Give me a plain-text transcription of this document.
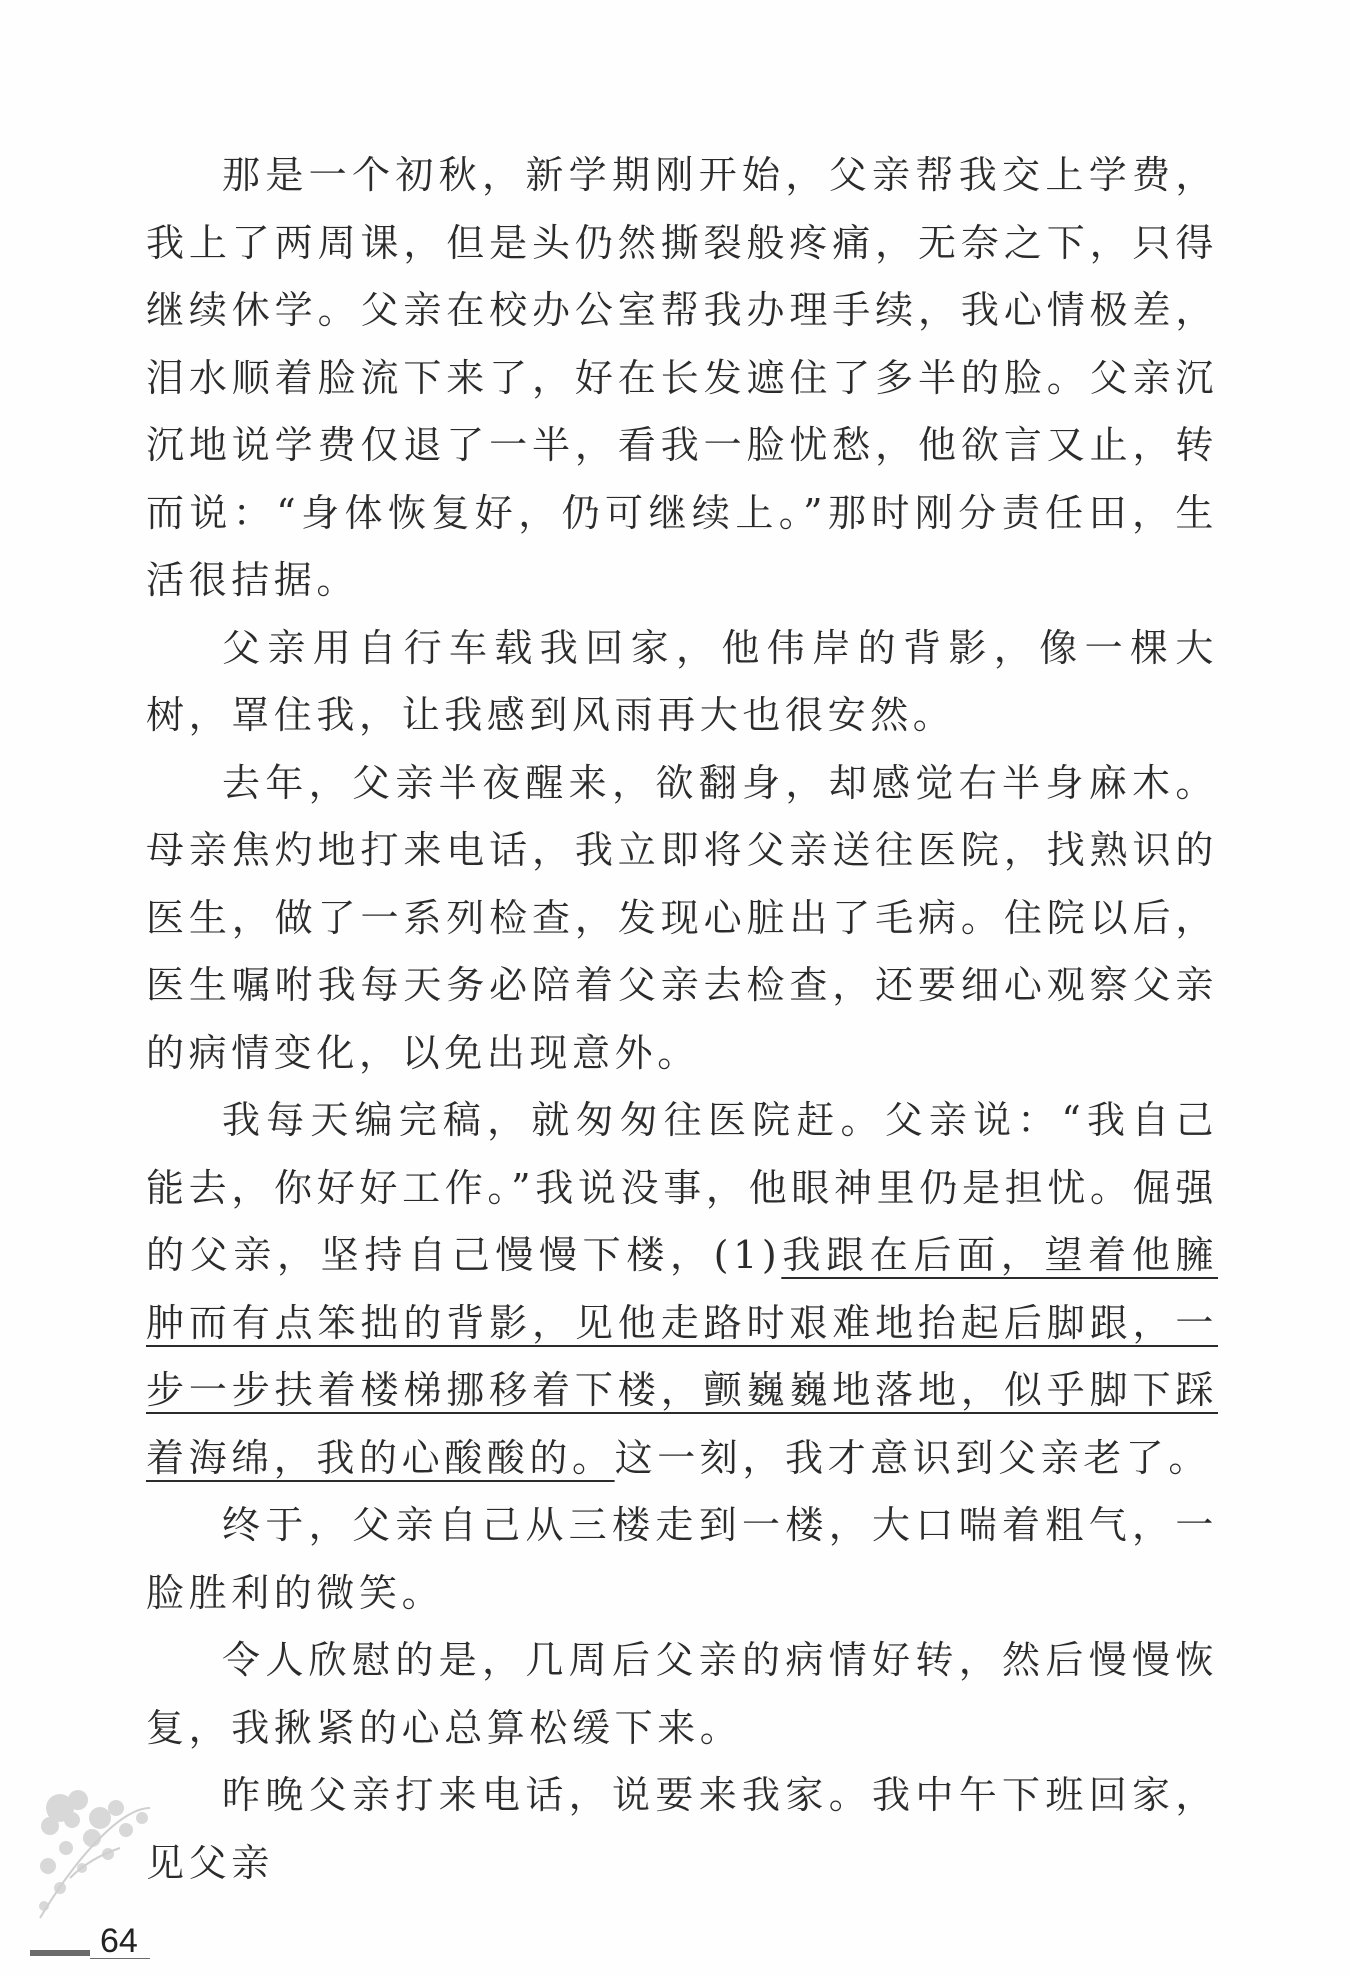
那是一个初秋，新学期刚开始，父亲帮我交上学费，我上了两周课，但是头仍然撕裂般疼痛，无奈之下，只得继续休学。父亲在校办公室帮我办理手续，我心情极差，泪水顺着脸流下来了，好在长发遮住了多半的脸。父亲沉沉地说学费仅退了一半，看我一脸忧愁，他欲言又止，转而说：“身体恢复好，仍可继续上。”那时刚分责任田，生活很拮据。

父亲用自行车载我回家，他伟岸的背影，像一棵大树，罩住我，让我感到风雨再大也很安然。

去年，父亲半夜醒来，欲翻身，却感觉右半身麻木。母亲焦灼地打来电话，我立即将父亲送往医院，找熟识的医生，做了一系列检查，发现心脏出了毛病。住院以后，医生嘱咐我每天务必陪着父亲去检查，还要细心观察父亲的病情变化，以免出现意外。

我每天编完稿，就匆匆往医院赶。父亲说：“我自己能去，你好好工作。”我说没事，他眼神里仍是担忧。倔强的父亲，坚持自己慢慢下楼，(1)我跟在后面，望着他臃肿而有点笨拙的背影，见他走路时艰难地抬起后脚跟，一步一步扶着楼梯挪移着下楼，颤巍巍地落地，似乎脚下踩着海绵，我的心酸酸的。这一刻，我才意识到父亲老了。

终于，父亲自己从三楼走到一楼，大口喘着粗气，一脸胜利的微笑。

令人欣慰的是，几周后父亲的病情好转，然后慢慢恢复，我揪紧的心总算松缓下来。

昨晚父亲打来电话，说要来我家。我中午下班回家，见父亲

64
